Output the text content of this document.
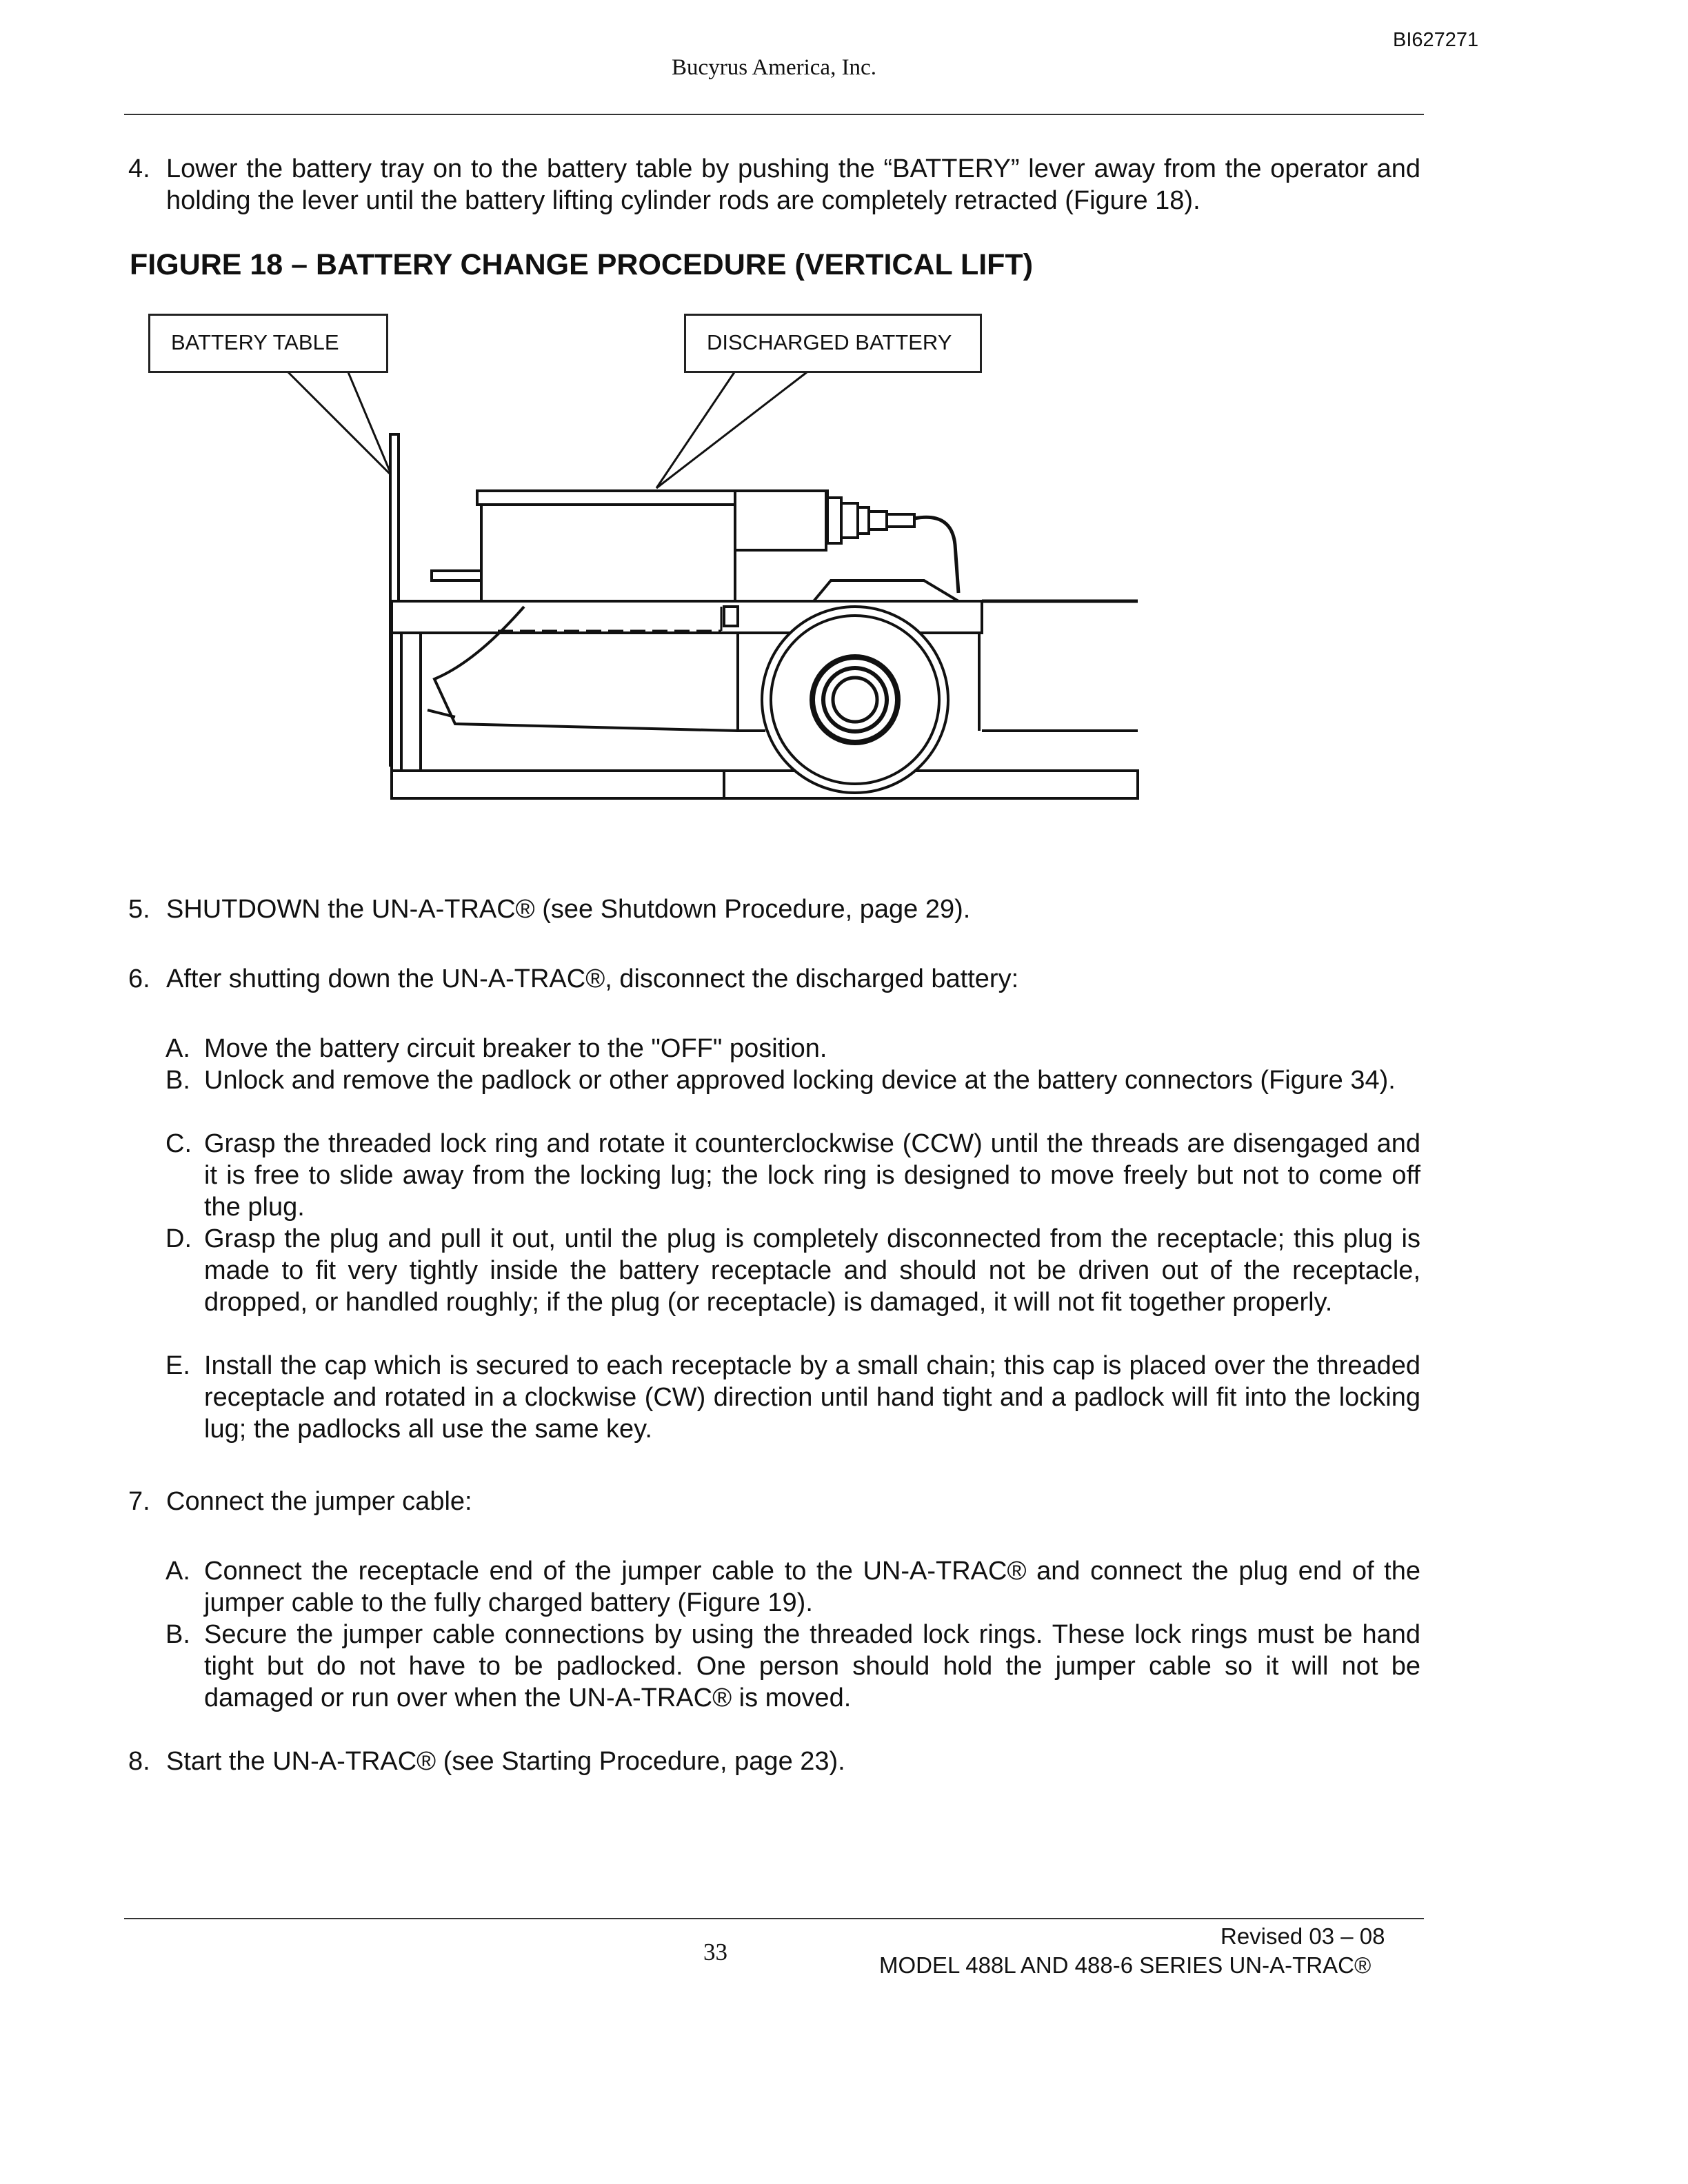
BI627271
Bucyrus America, Inc.
4. Lower the battery tray on to the battery table by pushing the “BATTERY” lever away from the operator and holding the lever until the battery lifting cylinder rods are completely retracted (Figure 18).
FIGURE 18 – BATTERY CHANGE PROCEDURE (VERTICAL LIFT)
BATTERY TABLE	DISCHARGED BATTERY
5. SHUTDOWN the UN-A-TRAC® (see Shutdown Procedure, page 29).
6. After shutting down the UN-A-TRAC®, disconnect the discharged battery:
A. Move the battery circuit breaker to the "OFF" position.
B. Unlock and remove the padlock or other approved locking device at the battery connectors (Figure 34).
C. Grasp the threaded lock ring and rotate it counterclockwise (CCW) until the threads are disengaged and it is free to slide away from the locking lug; the lock ring is designed to move freely but not to come off the plug.
D. Grasp the plug and pull it out, until the plug is completely disconnected from the receptacle; this plug is made to fit very tightly inside the battery receptacle and should not be driven out of the receptacle, dropped, or handled roughly; if the plug (or receptacle) is damaged, it will not fit together properly.
E. Install the cap which is secured to each receptacle by a small chain; this cap is placed over the threaded receptacle and rotated in a clockwise (CW) direction until hand tight and a padlock will fit into the locking lug; the padlocks all use the same key.
7. Connect the jumper cable:
A. Connect the receptacle end of the jumper cable to the UN-A-TRAC® and connect the plug end of the jumper cable to the fully charged battery (Figure 19).
B. Secure the jumper cable connections by using the threaded lock rings. These lock rings must be hand tight but do not have to be padlocked. One person should hold the jumper cable so it will not be damaged or run over when the UN-A-TRAC® is moved.
8. Start the UN-A-TRAC® (see Starting Procedure, page 23).
33
Revised 03 – 08
MODEL 488L AND 488-6 SERIES UN-A-TRAC®
